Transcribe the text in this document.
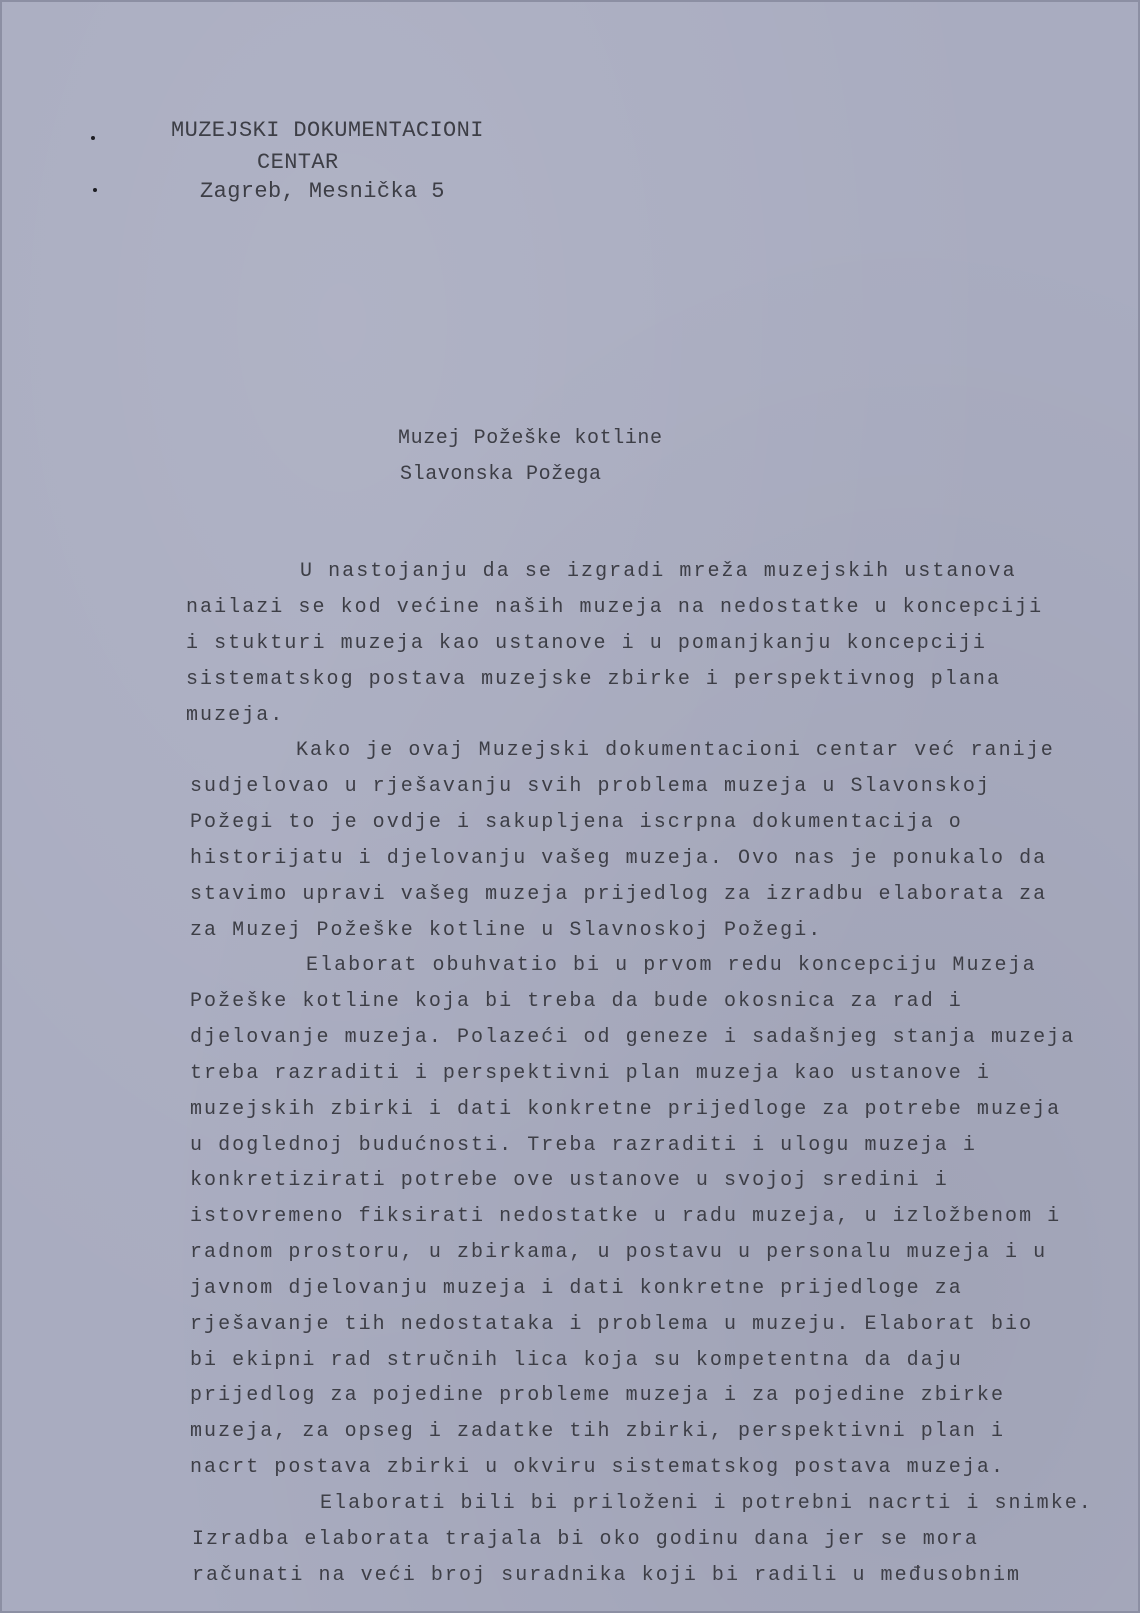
MUZEJSKI DOKUMENTACIONI
CENTAR
Zagreb, Mesnička 5
Muzej Požeške kotline
Slavonska Požega
U nastojanju da se izgradi mreža muzejskih ustanova
nailazi se kod većine naših muzeja na nedostatke u koncepciji
i stukturi muzeja kao ustanove i u pomanjkanju koncepciji
sistematskog postava muzejske zbirke i perspektivnog plana
muzeja.
Kako je ovaj Muzejski dokumentacioni centar već ranije
sudjelovao u rješavanju svih problema muzeja u Slavonskoj
Požegi to je ovdje i sakupljena iscrpna dokumentacija o
historijatu i djelovanju vašeg muzeja. Ovo nas je ponukalo da
stavimo upravi vašeg muzeja prijedlog za izradbu elaborata za
za Muzej Požeške kotline u Slavnoskoj Požegi.
Elaborat obuhvatio bi u prvom redu koncepciju Muzeja
Požeške kotline koja bi treba da bude okosnica za rad i
djelovanje muzeja. Polazeći od geneze i sadašnjeg stanja muzeja
treba razraditi i perspektivni plan muzeja kao ustanove i
muzejskih zbirki i dati konkretne prijedloge za potrebe muzeja
u doglednoj budućnosti. Treba razraditi i ulogu muzeja i
konkretizirati potrebe ove ustanove u svojoj sredini i
istovremeno fiksirati nedostatke u radu muzeja, u izložbenom i
radnom prostoru, u zbirkama, u postavu u personalu muzeja i u
javnom djelovanju muzeja i dati konkretne prijedloge za
rješavanje tih nedostataka i problema u muzeju. Elaborat bio
bi ekipni rad stručnih lica koja su kompetentna da daju
prijedlog za pojedine probleme muzeja i za pojedine zbirke
muzeja, za opseg i zadatke tih zbirki, perspektivni plan i
nacrt postava zbirki u okviru sistematskog postava muzeja.
Elaborati bili bi priloženi i potrebni nacrti i snimke.
Izradba elaborata trajala bi oko godinu dana jer se mora
računati na veći broj suradnika koji bi radili u međusobnim
